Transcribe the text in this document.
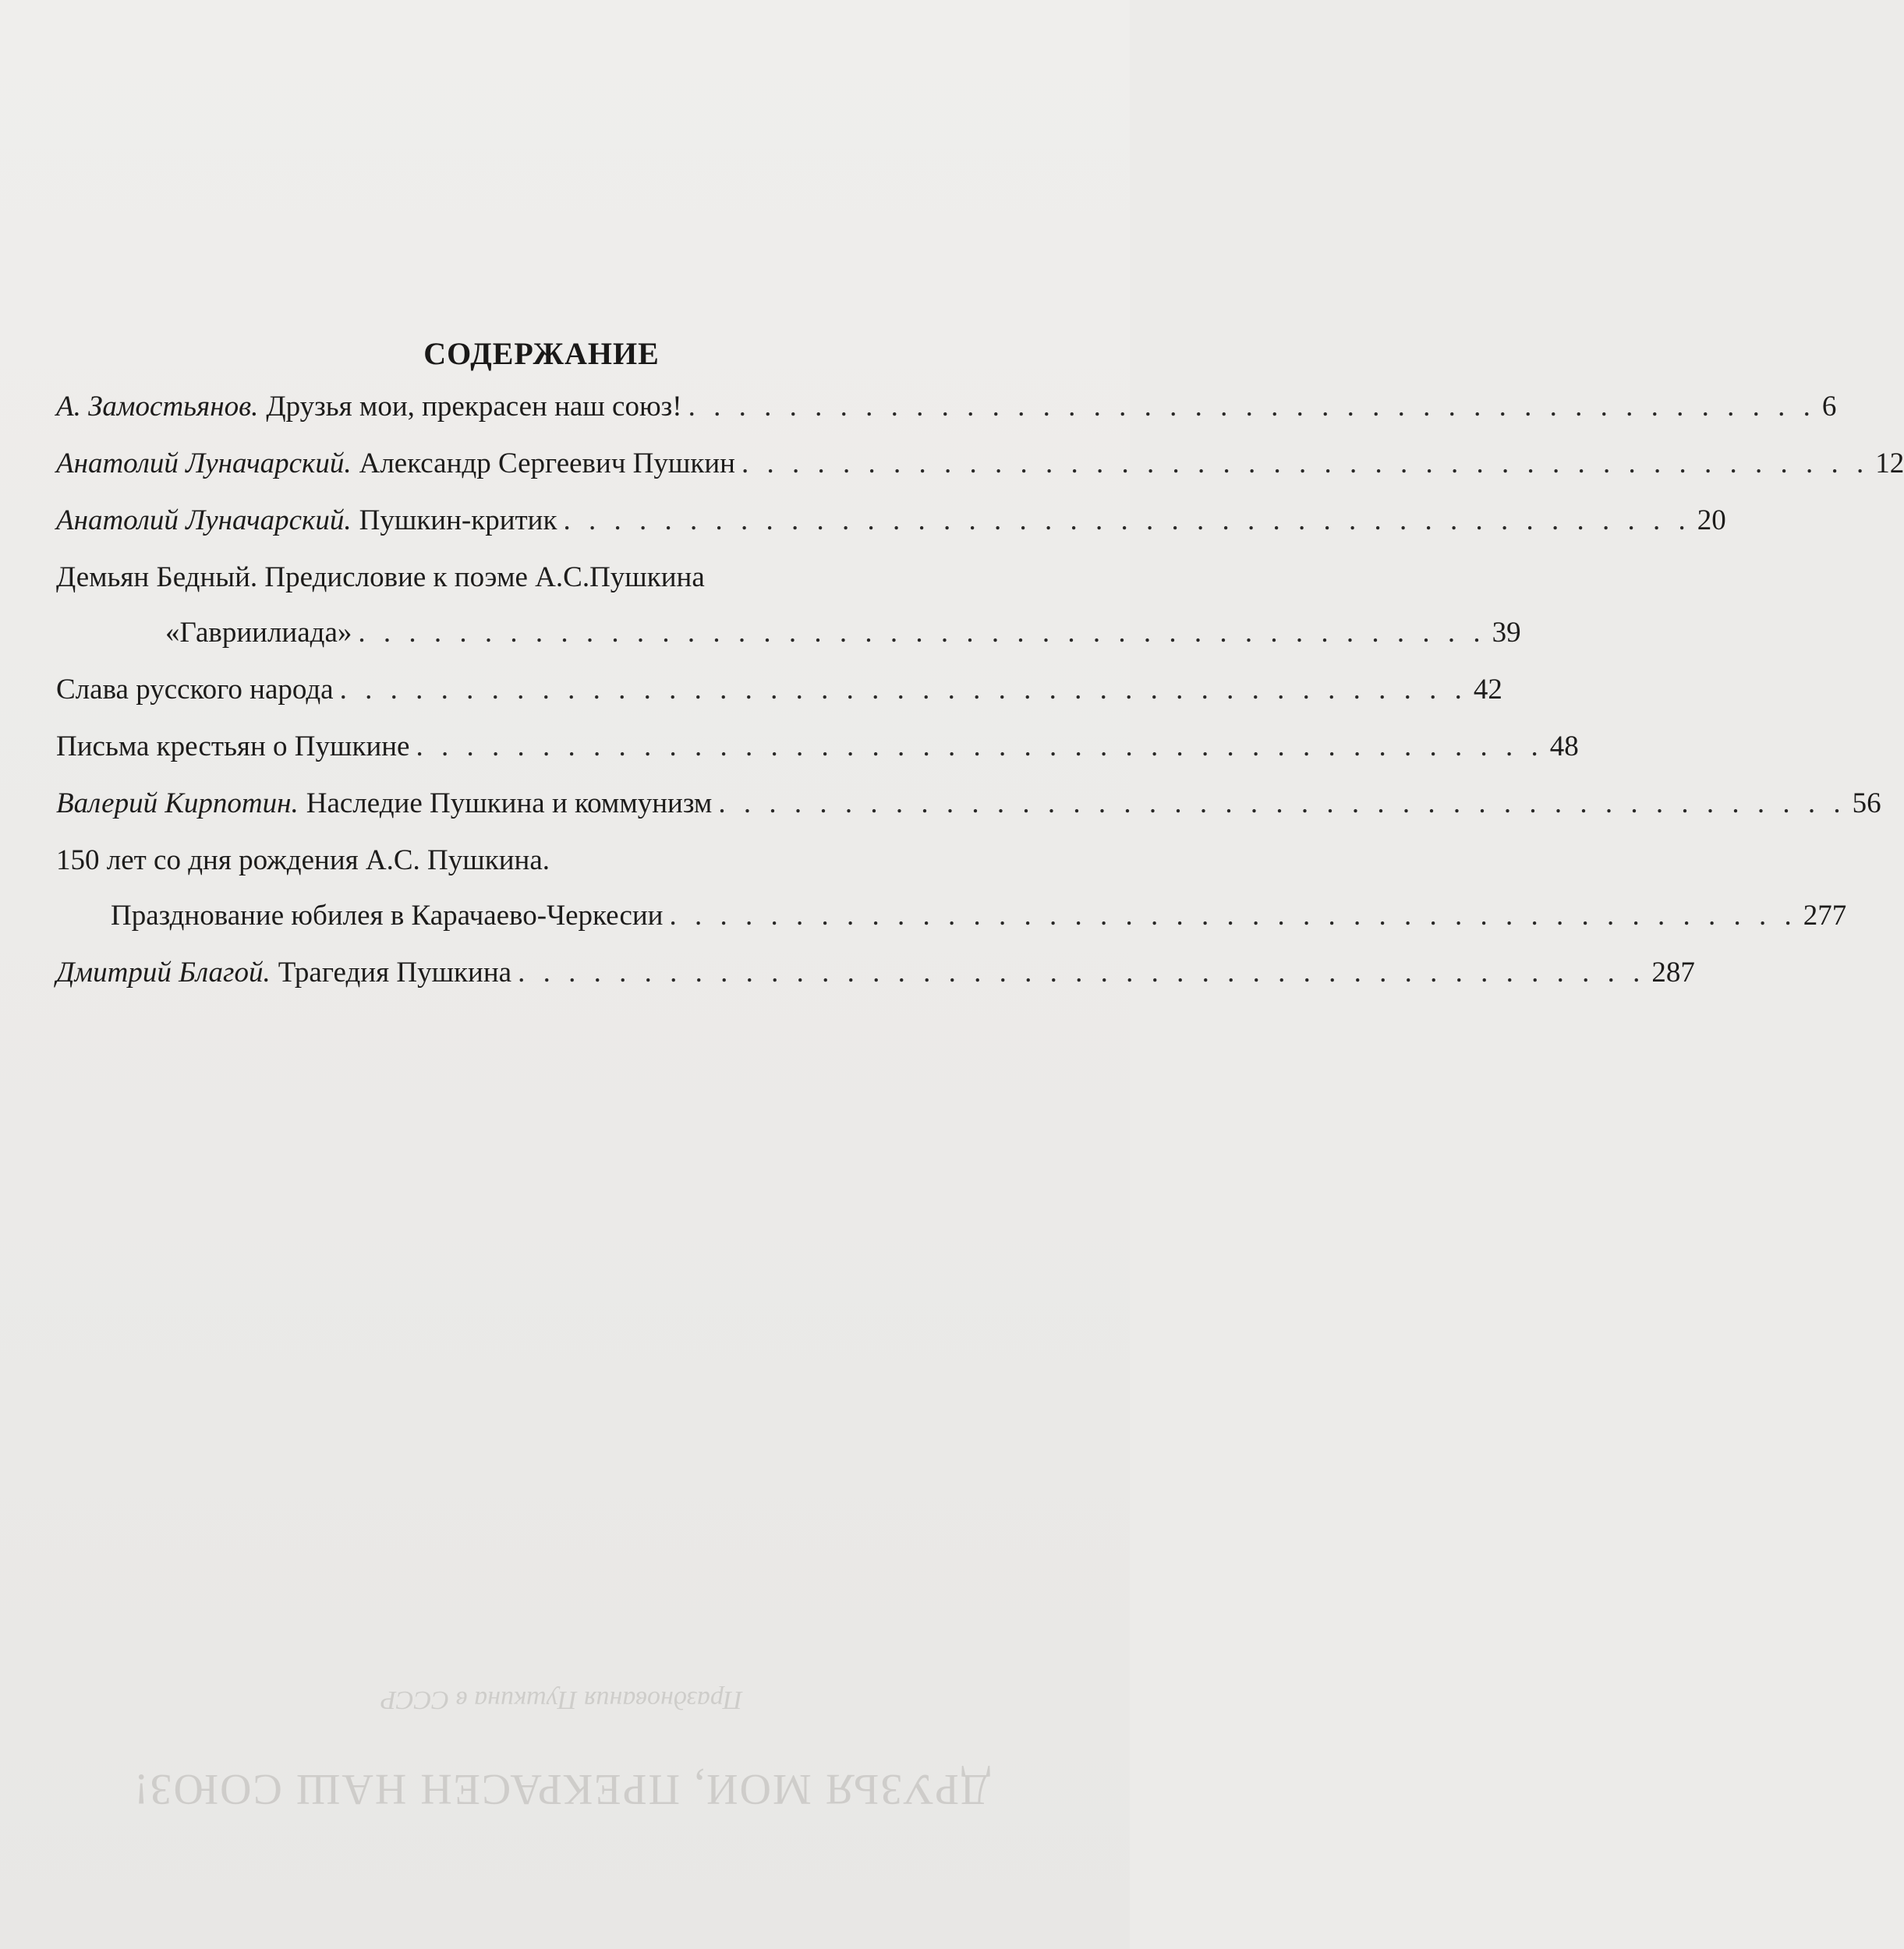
ДРУЗЬЯ МОИ, ПРЕКРАСЕН НАШ СОЮЗ!

Празднования Пушкина в СССР

СОДЕРЖАНИЕ
А. Замостьянов. Друзья мои, прекрасен наш союз! . . . . . . . . . . . . . . . . . . . . . . . . . . . . . . . . . . . . . . . . . . . . . 6
Анатолий Луначарский. Александр Сергеевич Пушкин . . . . . . . . . . . . . . . . . . . . . . . . . . . . . . . . . . . . . . . . . . . . . 12
Анатолий Луначарский. Пушкин-критик . . . . . . . . . . . . . . . . . . . . . . . . . . . . . . . . . . . . . . . . . . . . . 20
Демьян Бедный. Предисловие к поэме А.С.Пушкина
«Гавриилиада» . . . . . . . . . . . . . . . . . . . . . . . . . . . . . . . . . . . . . . . . . . . . . 39
Слава русского народа . . . . . . . . . . . . . . . . . . . . . . . . . . . . . . . . . . . . . . . . . . . . . 42
Письма крестьян о Пушкине . . . . . . . . . . . . . . . . . . . . . . . . . . . . . . . . . . . . . . . . . . . . . 48
Валерий Кирпотин. Наследие Пушкина и коммунизм . . . . . . . . . . . . . . . . . . . . . . . . . . . . . . . . . . . . . . . . . . . . . 56
150 лет со дня рождения А.С. Пушкина.
Празднование юбилея в Карачаево-Черкесии . . . . . . . . . . . . . . . . . . . . . . . . . . . . . . . . . . . . . . . . . . . . . 277
Дмитрий Благой. Трагедия Пушкина . . . . . . . . . . . . . . . . . . . . . . . . . . . . . . . . . . . . . . . . . . . . . 287
